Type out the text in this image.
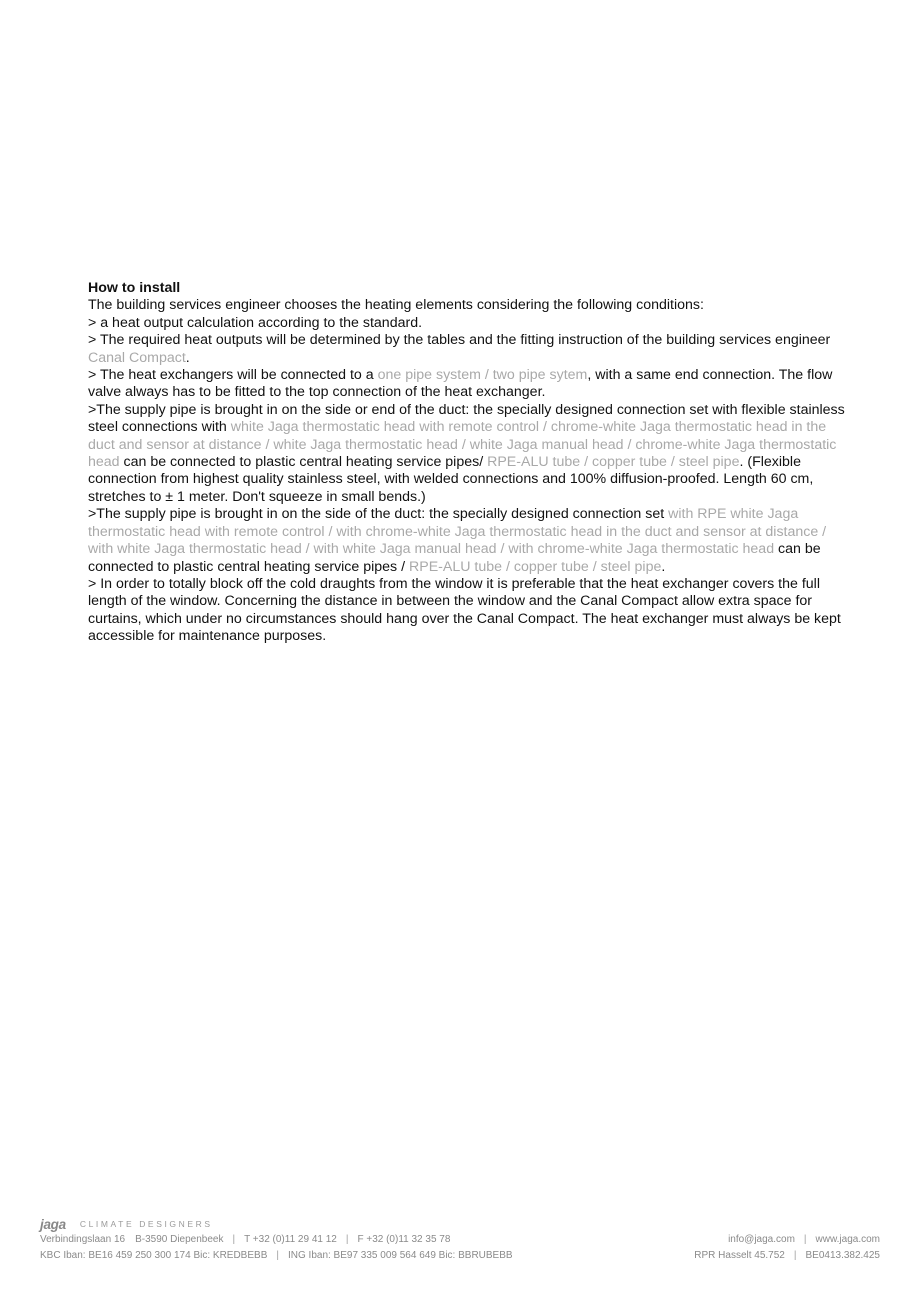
How to install

The building services engineer chooses the heating elements considering the following conditions:

> a heat output calculation according to the standard.

> The required heat outputs will be determined by the tables and the fitting instruction of the building services engineer Canal Compact.

> The heat exchangers will be connected to a one pipe system / two pipe sytem, with a same end connection. The flow valve always has to be fitted to the top connection of the heat exchanger.

>The supply pipe is brought in on the side or end of the duct: the specially designed connection set with flexible stainless steel connections with white Jaga thermostatic head with remote control / chrome-white Jaga thermostatic head in the duct and sensor at distance / white Jaga thermostatic head / white Jaga manual head / chrome-white Jaga thermostatic head can be connected to plastic central heating service pipes/ RPE-ALU tube / copper tube / steel pipe. (Flexible connection from highest quality stainless steel, with welded connections and 100% diffusion-proofed. Length 60 cm, stretches to ± 1 meter. Don't squeeze in small bends.)

>The supply pipe is brought in on the side of the duct: the specially designed connection set with RPE white Jaga thermostatic head with remote control / with chrome-white Jaga thermostatic head in the duct and sensor at distance / with white Jaga thermostatic head / with white Jaga manual head / with chrome-white Jaga thermostatic head can be connected to plastic central heating service pipes / RPE-ALU tube / copper tube / steel pipe.

> In order to totally block off the cold draughts from the window it is preferable that the heat exchanger covers the full length of the window. Concerning the distance in between the window and the Canal Compact allow extra space for curtains, which under no circumstances should hang over the Canal Compact. The heat exchanger must always be kept accessible for maintenance purposes.

jaga CLIMATE DESIGNERS
Verbindingslaan 16 B-3590 Diepenbeek | T +32 (0)11 29 41 12 | F +32 (0)11 32 35 78	info@jaga.com | www.jaga.com
KBC Iban: BE16 459 250 300 174 Bic: KREDBEBB | ING Iban: BE97 335 009 564 649 Bic: BBRUBEBB	RPR Hasselt 45.752 | BE0413.382.425
